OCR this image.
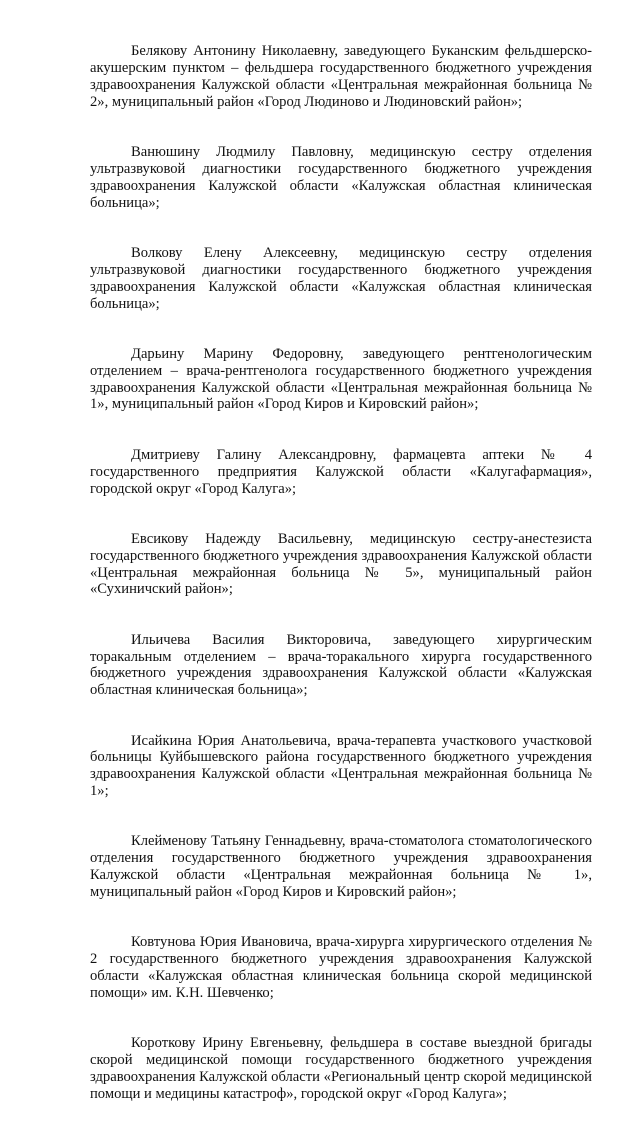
Белякову Антонину Николаевну, заведующего Буканским фельдшерско-акушерским пунктом – фельдшера государственного бюджетного учреждения здравоохранения Калужской области «Центральная межрайонная больница № 2», муниципальный район «Город Людиново и Людиновский район»;

Ванюшину Людмилу Павловну, медицинскую сестру отделения ультразвуковой диагностики государственного бюджетного учреждения здравоохранения Калужской области «Калужская областная клиническая больница»;

Волкову Елену Алексеевну, медицинскую сестру отделения ультразвуковой диагностики государственного бюджетного учреждения здравоохранения Калужской области «Калужская областная клиническая больница»;

Дарьину Марину Федоровну, заведующего рентгенологическим отделением – врача-рентгенолога государственного бюджетного учреждения здравоохранения Калужской области «Центральная межрайонная больница № 1», муниципальный район «Город Киров и Кировский район»;

Дмитриеву Галину Александровну, фармацевта аптеки № 4 государственного предприятия Калужской области «Калугафармация», городской округ «Город Калуга»;

Евсикову Надежду Васильевну, медицинскую сестру-анестезиста государственного бюджетного учреждения здравоохранения Калужской области «Центральная межрайонная больница № 5», муниципальный район «Сухиничский район»;

Ильичева Василия Викторовича, заведующего хирургическим торакальным отделением – врача-торакального хирурга государственного бюджетного учреждения здравоохранения Калужской области «Калужская областная клиническая больница»;

Исайкина Юрия Анатольевича, врача-терапевта участкового участковой больницы Куйбышевского района государственного бюджетного учреждения здравоохранения Калужской области «Центральная межрайонная больница № 1»;

Клейменову Татьяну Геннадьевну, врача-стоматолога стоматологического отделения государственного бюджетного учреждения здравоохранения Калужской области «Центральная межрайонная больница № 1», муниципальный район «Город Киров и Кировский район»;

Ковтунова Юрия Ивановича, врача-хирурга хирургического отделения № 2 государственного бюджетного учреждения здравоохранения Калужской области «Калужская областная клиническая больница скорой медицинской помощи» им. К.Н. Шевченко;

Короткову Ирину Евгеньевну, фельдшера в составе выездной бригады скорой медицинской помощи государственного бюджетного учреждения здравоохранения Калужской области «Региональный центр скорой медицинской помощи и медицины катастроф», городской округ «Город Калуга»;
